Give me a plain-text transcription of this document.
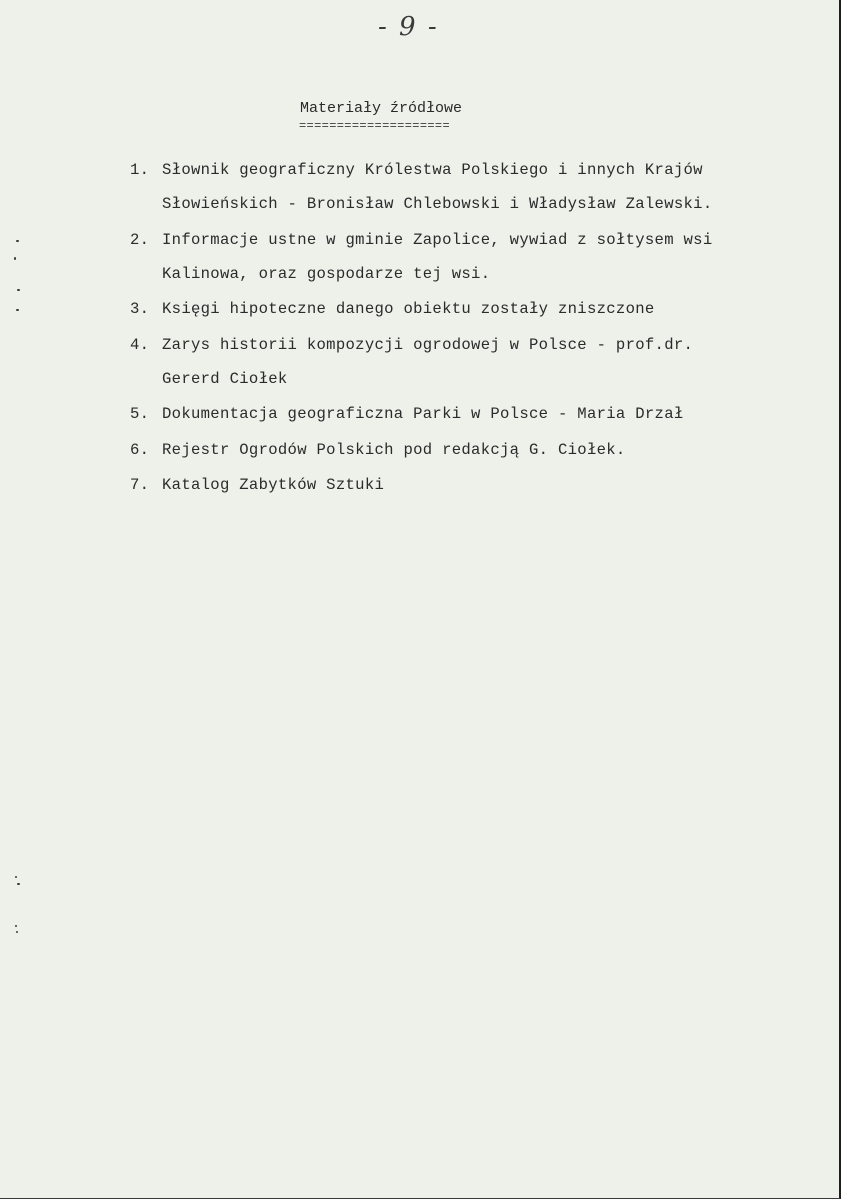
- 9 -
Materiały źródłowe
====================
1. Słownik geograficzny Królestwa Polskiego i innych Krajów
Słowieńskich - Bronisław Chlebowski i Władysław Zalewski.
2. Informacje ustne w gminie Zapolice, wywiad z sołtysem wsi
Kalinowa, oraz gospodarze tej wsi.
3. Księgi hipoteczne danego obiektu zostały zniszczone
4. Zarys historii kompozycji ogrodowej w Polsce - prof.dr.
Gererd Ciołek
5. Dokumentacja geograficzna Parki w Polsce - Maria Drzał
6. Rejestr Ogrodów Polskich pod redakcją G. Ciołek.
7. Katalog Zabytków Sztuki
